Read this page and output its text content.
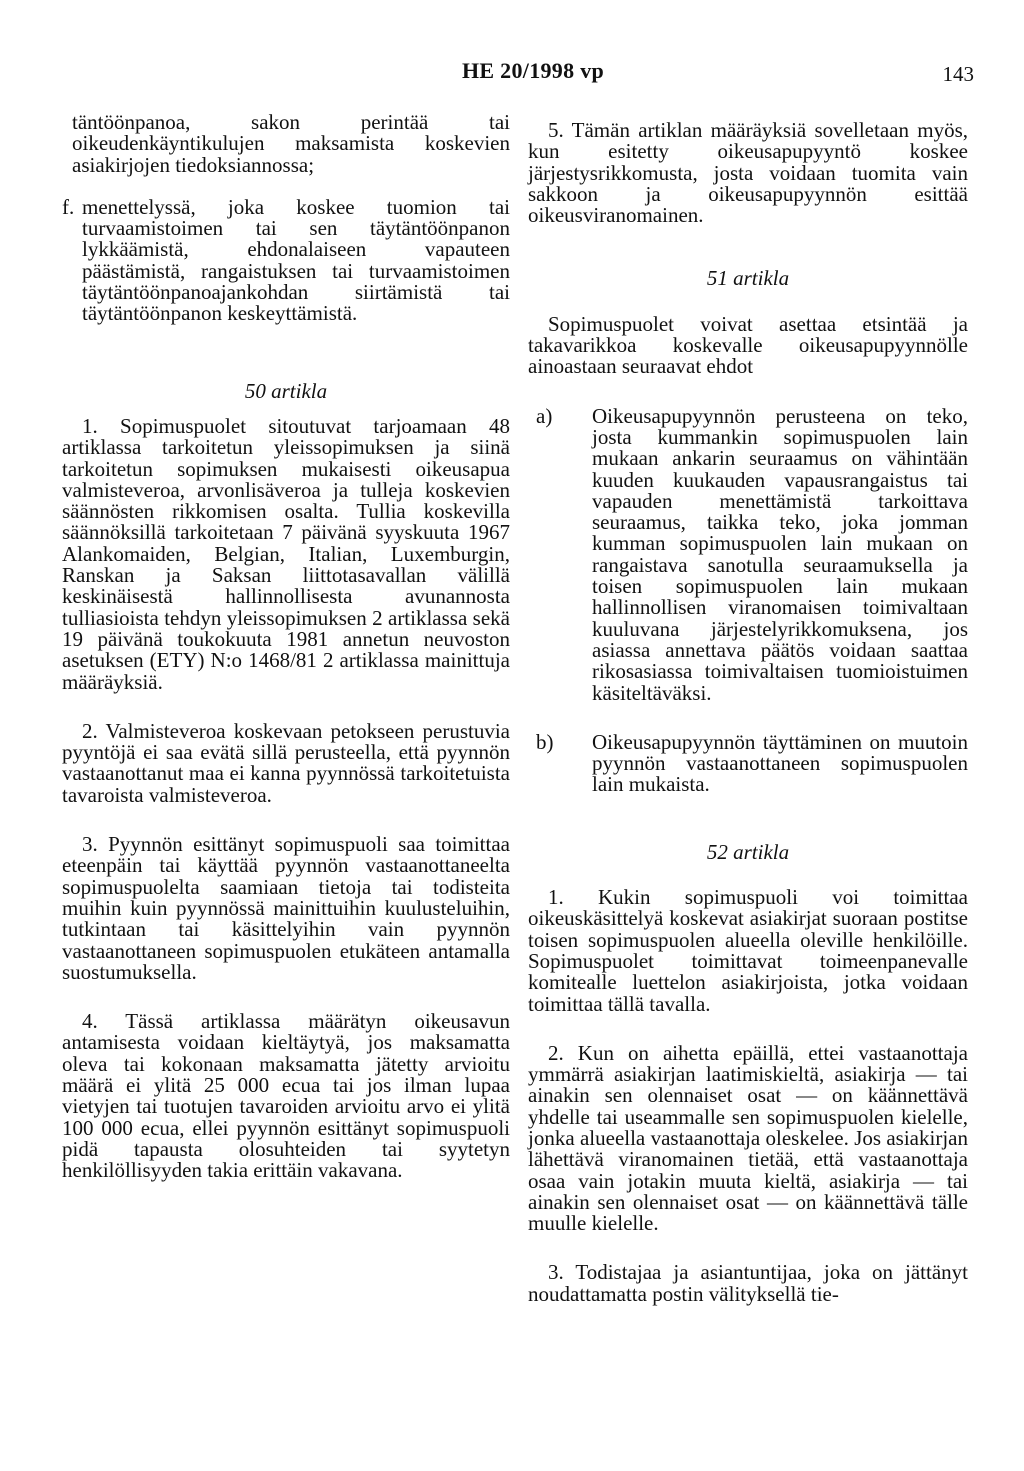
HE 20/1998 vp	143

täntöönpanoa, sakon perintää tai oikeudenkäyntikulujen maksamista koskevien asiakirjojen tiedoksiannossa;

f. menettelyssä, joka koskee tuomion tai turvaamistoimen tai sen täytäntöönpanon lykkäämistä, ehdonalaiseen vapauteen päästämistä, rangaistuksen tai turvaamistoimen täytäntöönpanoajankohdan siirtämistä tai täytäntöönpanon keskeyttämistä.
50 artikla

1. Sopimuspuolet sitoutuvat tarjoamaan 48 artiklassa tarkoitetun yleissopimuksen ja siinä tarkoitetun sopimuksen mukaisesti oikeusapua valmisteveroa, arvonlisäveroa ja tulleja koskevien säännösten rikkomisen osalta. Tullia koskevilla säännöksillä tarkoitetaan 7 päivänä syyskuuta 1967 Alankomaiden, Belgian, Italian, Luxemburgin, Ranskan ja Saksan liittotasavallan välillä keskinäisestä hallinnollisesta avunannosta tulliasioista tehdyn yleissopimuksen 2 artiklassa sekä 19 päivänä toukokuuta 1981 annetun neuvoston asetuksen (ETY) N:o 1468/81 2 artiklassa mainittuja määräyksiä.

2. Valmisteveroa koskevaan petokseen perustuvia pyyntöjä ei saa evätä sillä perusteella, että pyynnön vastaanottanut maa ei kanna pyynnössä tarkoitetuista tavaroista valmisteveroa.

3. Pyynnön esittänyt sopimuspuoli saa toimittaa eteenpäin tai käyttää pyynnön vastaanottaneelta sopimuspuolelta saamiaan tietoja tai todisteita muihin kuin pyynnössä mainittuihin kuulusteluihin, tutkintaan tai käsittelyihin vain pyynnön vastaanottaneen sopimuspuolen etukäteen antamalla suostumuksella.

4. Tässä artiklassa määrätyn oikeusavun antamisesta voidaan kieltäytyä, jos maksamatta oleva tai kokonaan maksamatta jätetty arvioitu määrä ei ylitä 25 000 ecua tai jos ilman lupaa vietyjen tai tuotujen tavaroiden arvioitu arvo ei ylitä 100 000 ecua, ellei pyynnön esittänyt sopimuspuoli pidä tapausta olosuhteiden tai syytetyn henkilöllisyyden takia erittäin vakavana.

5. Tämän artiklan määräyksiä sovelletaan myös, kun esitetty oikeusapupyyntö koskee järjestysrikkomusta, josta voidaan tuomita vain sakkoon ja oikeusapupyynnön esittää oikeusviranomainen.

51 artikla

Sopimuspuolet voivat asettaa etsintää ja takavarikkoa koskevalle oikeusapupyynnölle ainoastaan seuraavat ehdot

a)	Oikeusapupyynnön perusteena on teko, josta kummankin sopimuspuolen lain mukaan ankarin seuraamus on vähintään kuuden kuukauden vapausrangaistus tai vapauden menettämistä tarkoittava seuraamus, taikka teko, joka jomman kumman sopimuspuolen lain mukaan on rangaistava sanotulla seuraamuksella ja toisen sopimuspuolen lain mukaan hallinnollisen viranomaisen toimivaltaan kuuluvana järjestelyrikkomuksena, jos asiassa annettava päätös voidaan saattaa rikosasiassa toimivaltaisen tuomioistuimen käsiteltäväksi.
b)	Oikeusapupyynnön täyttäminen on muutoin pyynnön vastaanottaneen sopimuspuolen lain mukaista.
52 artikla

1. Kukin sopimuspuoli voi toimittaa oikeuskäsittelyä koskevat asiakirjat suoraan postitse toisen sopimuspuolen alueella oleville henkilöille. Sopimuspuolet toimittavat toimeenpanevalle komitealle luettelon asiakirjoista, jotka voidaan toimittaa tällä tavalla.

2. Kun on aihetta epäillä, ettei vastaanottaja ymmärrä asiakirjan laatimiskieltä, asiakirja — tai ainakin sen olennaiset osat — on käännettävä yhdelle tai useammalle sen sopimuspuolen kielelle, jonka alueella vastaanottaja oleskelee. Jos asiakirjan lähettävä viranomainen tietää, että vastaanottaja osaa vain jotakin muuta kieltä, asiakirja — tai ainakin sen olennaiset osat — on käännettävä tälle muulle kielelle.

3. Todistajaa ja asiantuntijaa, joka on jättänyt noudattamatta postin välityksellä tie-
